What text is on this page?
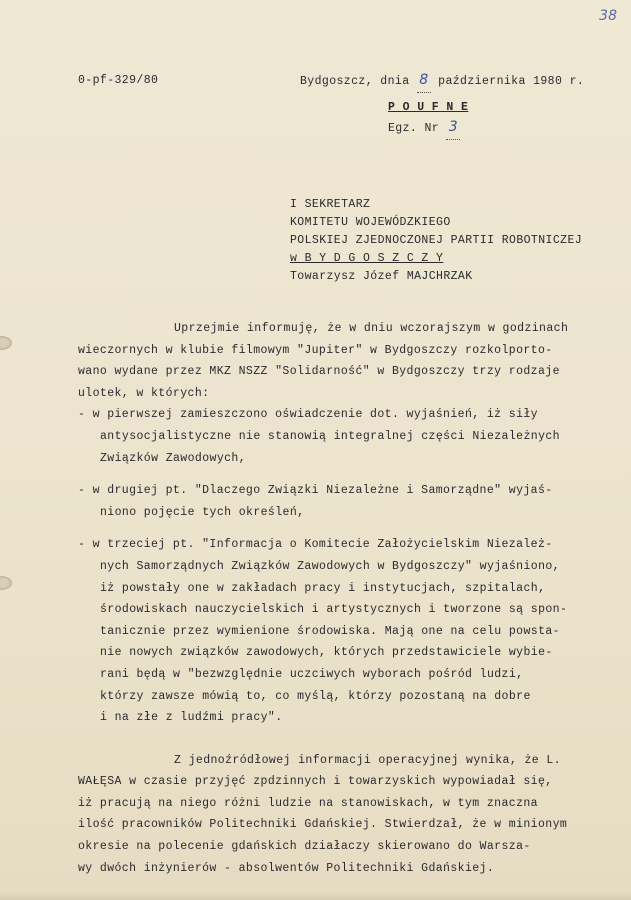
38
0-pf-329/80	Bydgoszcz, dnia 8 października 1980 r.
P O U F N E
Egz. Nr 3
I SEKRETARZ
KOMITETU WOJEWÓDZKIEGO
POLSKIEJ ZJEDNOCZONEJ PARTII ROBOTNICZEJ
w B Y D G O S Z C Z Y
Towarzysz Józef MAJCHRZAK
Uprzejmie informuję, że w dniu wczorajszym w godzinach
wieczornych w klubie filmowym "Jupiter" w Bydgoszczy rozkolporto-
wano wydane przez MKZ NSZZ "Solidarność" w Bydgoszczy trzy rodzaje
ulotek, w których:
- w pierwszej zamieszczono oświadczenie dot. wyjaśnień, iż siły
antysocjalistyczne nie stanowią integralnej części Niezależnych
Związków Zawodowych,
- w drugiej pt. "Dlaczego Związki Niezależne i Samorządne" wyjaś-
niono pojęcie tych określeń,
- w trzeciej pt. "Informacja o Komitecie Założycielskim Niezależ-
nych Samorządnych Związków Zawodowych w Bydgoszczy" wyjaśniono,
iż powstały one w zakładach pracy i instytucjach, szpitalach,
środowiskach nauczycielskich i artystycznych i tworzone są spon-
tanicznie przez wymienione środowiska. Mają one na celu powsta-
nie nowych związków zawodowych, których przedstawiciele wybie-
rani będą w "bezwzględnie uczciwych wyborach pośród ludzi,
którzy zawsze mówią to, co myślą, którzy pozostaną na dobre
i na złe z ludźmi pracy".
Z jednoźródłowej informacji operacyjnej wynika, że L.
WAŁĘSA w czasie przyjęć zpdzinnych i towarzyskich wypowiadał się,
iż pracują na niego różni ludzie na stanowiskach, w tym znaczna
ilość pracowników Politechniki Gdańskiej. Stwierdzał, że w minionym
okresie na polecenie gdańskich działaczy skierowano do Warsza-
wy dwóch inżynierów - absolwentów Politechniki Gdańskiej.
